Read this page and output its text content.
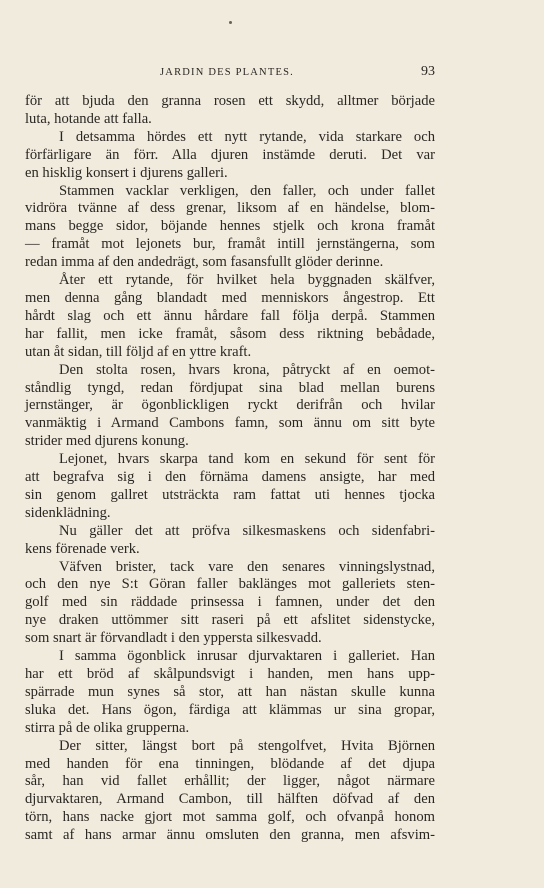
JARDIN DES PLANTES.	93
för att bjuda den granna rosen ett skydd, alltmer började
luta, hotande att falla.
I detsamma hördes ett nytt rytande, vida starkare och
förfärligare än förr. Alla djuren instämde deruti. Det var
en hisklig konsert i djurens galleri.
Stammen vacklar verkligen, den faller, och under fallet
vidröra tvänne af dess grenar, liksom af en händelse, blom-
mans begge sidor, böjande hennes stjelk och krona framåt
— framåt mot lejonets bur, framåt intill jernstängerna, som
redan imma af den andedrägt, som fasansfullt glöder derinne.
Åter ett rytande, för hvilket hela byggnaden skälfver,
men denna gång blandadt med menniskors ångestrop. Ett
hårdt slag och ett ännu hårdare fall följa derpå. Stammen
har fallit, men icke framåt, såsom dess riktning bebådade,
utan åt sidan, till följd af en yttre kraft.
Den stolta rosen, hvars krona, påtryckt af en oemot-
ståndlig tyngd, redan fördjupat sina blad mellan burens
jernstänger, är ögonblickligen ryckt derifrån och hvilar
vanmäktig i Armand Cambons famn, som ännu om sitt byte
strider med djurens konung.
Lejonet, hvars skarpa tand kom en sekund för sent för
att begrafva sig i den förnäma damens ansigte, har med
sin genom gallret utsträckta ram fattat uti hennes tjocka
sidenklädning.
Nu gäller det att pröfva silkesmaskens och sidenfabri-
kens förenade verk.
Väfven brister, tack vare den senares vinningslystnad,
och den nye S:t Göran faller baklänges mot galleriets sten-
golf med sin räddade prinsessa i famnen, under det den
nye draken uttömmer sitt raseri på ett afslitet sidenstycke,
som snart är förvandladt i den yppersta silkesvadd.
I samma ögonblick inrusar djurvaktaren i galleriet. Han
har ett bröd af skålpundsvigt i handen, men hans upp-
spärrade mun synes så stor, att han nästan skulle kunna
sluka det. Hans ögon, färdiga att klämmas ur sina gropar,
stirra på de olika grupperna.
Der sitter, längst bort på stengolfvet, Hvita Björnen
med handen för ena tinningen, blödande af det djupa
sår, han vid fallet erhållit; der ligger, något närmare
djurvaktaren, Armand Cambon, till hälften döfvad af den
törn, hans nacke gjort mot samma golf, och ofvanpå honom
samt af hans armar ännu omsluten den granna, men afsvim-
